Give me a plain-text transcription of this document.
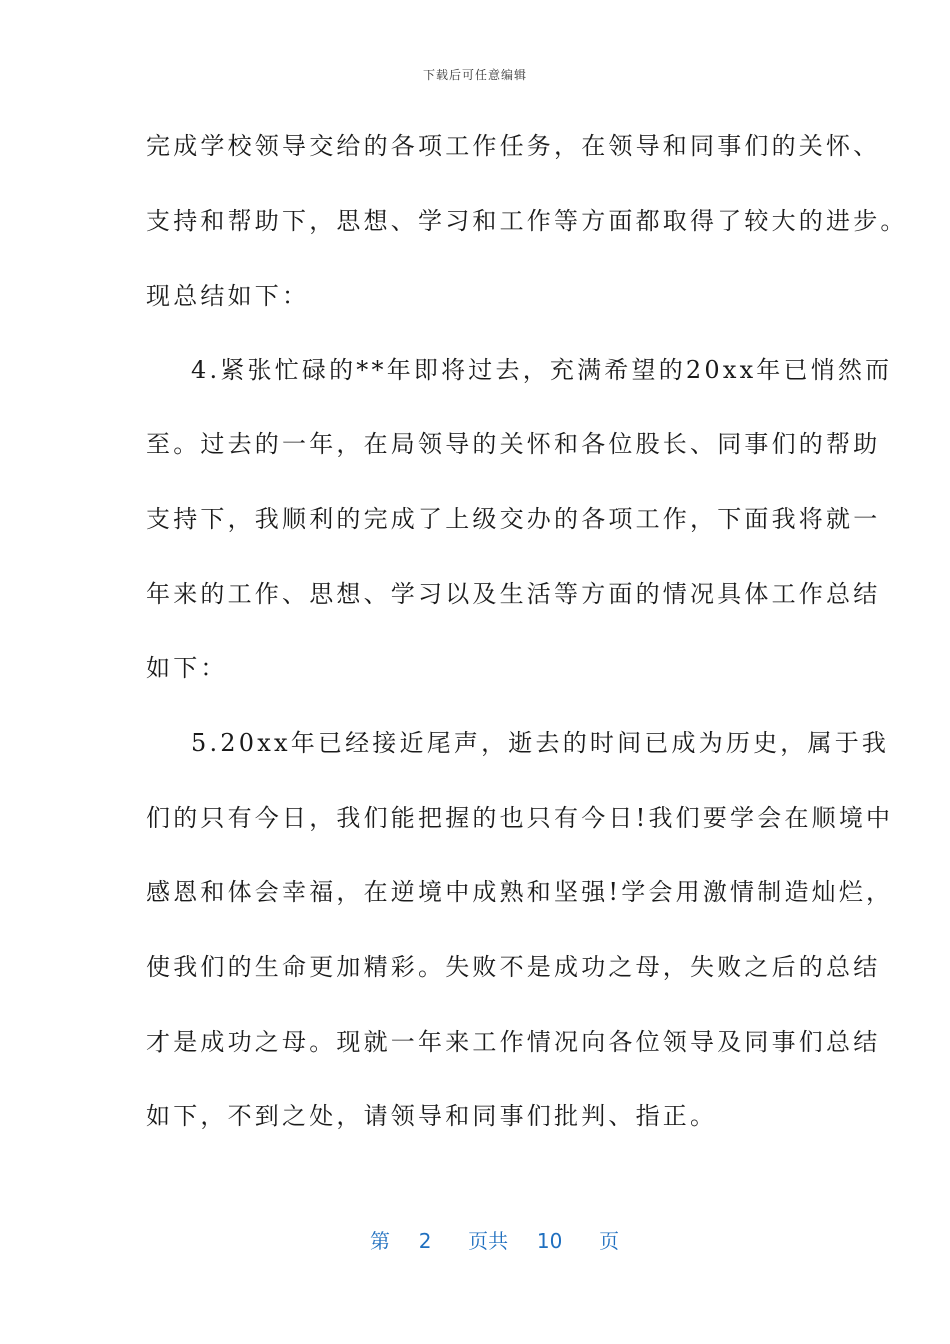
下载后可任意编辑
完成学校领导交给的各项工作任务，在领导和同事们的关怀、
支持和帮助下，思想、学习和工作等方面都取得了较大的进步。
现总结如下：
4.紧张忙碌的**年即将过去，充满希望的20xx年已悄然而
至。过去的一年，在局领导的关怀和各位股长、同事们的帮助
支持下，我顺利的完成了上级交办的各项工作，下面我将就一
年来的工作、思想、学习以及生活等方面的情况具体工作总结
如下：
5.20xx年已经接近尾声，逝去的时间已成为历史，属于我
们的只有今日，我们能把握的也只有今日!我们要学会在顺境中
感恩和体会幸福，在逆境中成熟和坚强!学会用激情制造灿烂，
使我们的生命更加精彩。失败不是成功之母，失败之后的总结
才是成功之母。现就一年来工作情况向各位领导及同事们总结
如下，不到之处，请领导和同事们批判、指正。
第 2 页共 10 页
